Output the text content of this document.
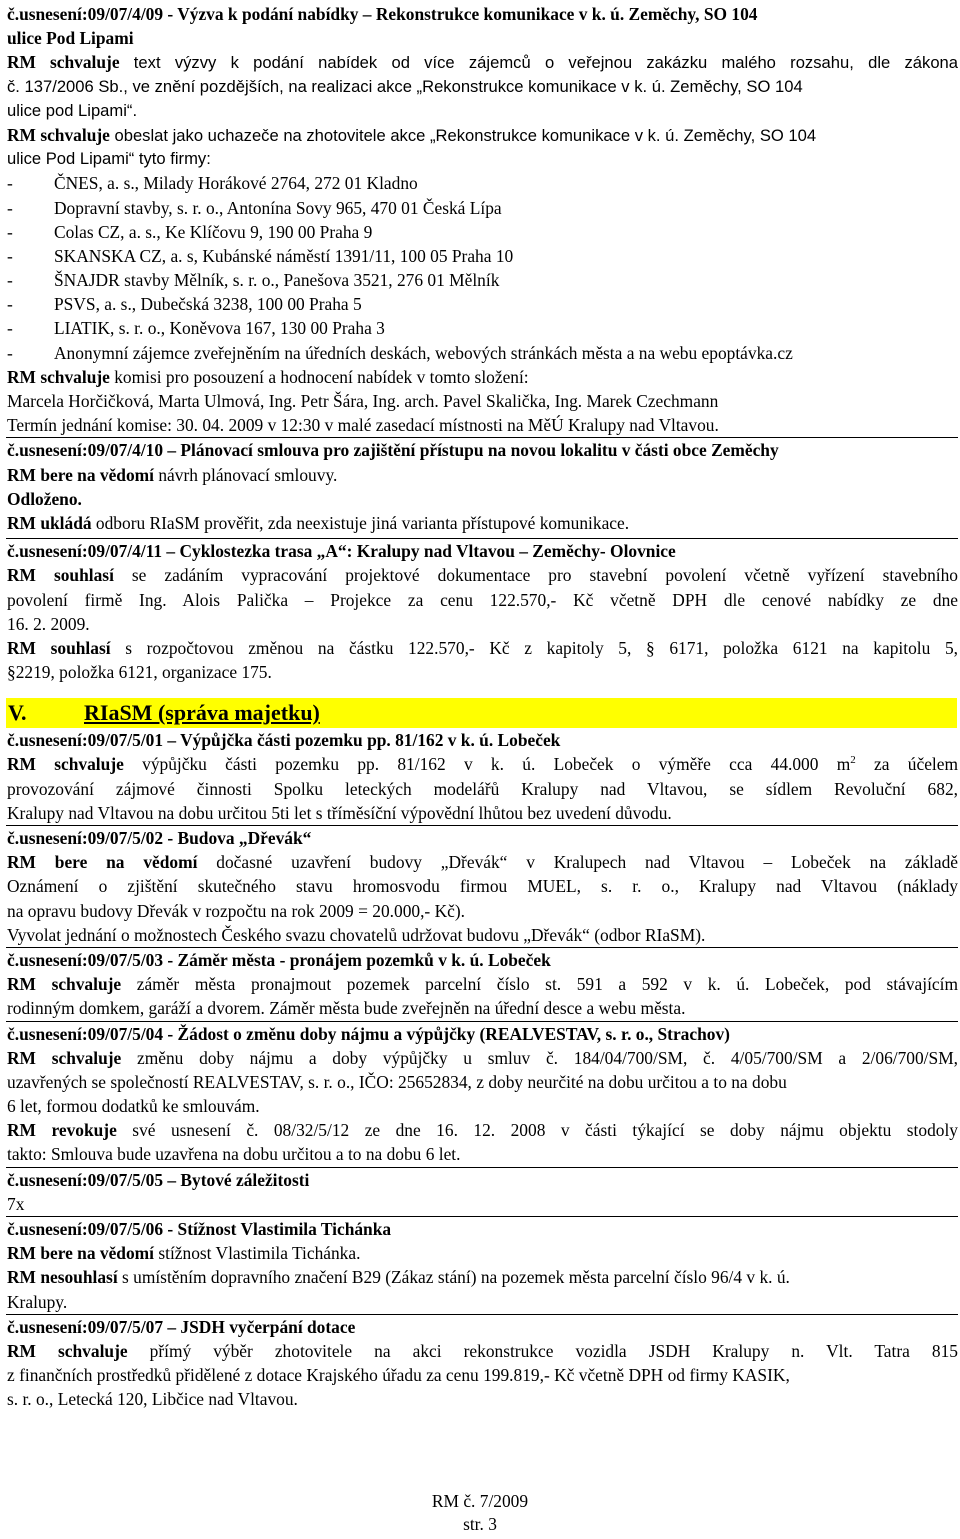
č.usnesení:09/07/4/09 - Výzva k podání nabídky – Rekonstrukce komunikace v k. ú. Zeměchy, SO 104
ulice Pod Lipami
RM schvaluje text výzvy k podání nabídek od více zájemců o veřejnou zakázku malého rozsahu, dle zákona
č. 137/2006 Sb., ve znění pozdějších, na realizaci akce „Rekonstrukce komunikace v k. ú. Zeměchy, SO 104
ulice pod Lipami“.
RM schvaluje obeslat jako uchazeče na zhotovitele akce „Rekonstrukce komunikace v k. ú. Zeměchy, SO 104
ulice Pod Lipami“ tyto firmy:
- ČNES, a. s., Milady Horákové 2764, 272 01 Kladno
- Dopravní stavby, s. r. o., Antonína Sovy 965, 470 01 Česká Lípa
- Colas CZ, a. s., Ke Klíčovu 9, 190 00 Praha 9
- SKANSKA CZ, a. s, Kubánské náměstí 1391/11, 100 05 Praha 10
- ŠNAJDR stavby Mělník, s. r. o., Panešova 3521, 276 01 Mělník
- PSVS, a. s., Dubečská 3238, 100 00 Praha 5
- LIATIK, s. r. o., Koněvova 167, 130 00 Praha 3
- Anonymní zájemce zveřejněním na úředních deskách, webových stránkách města a na webu epoptávka.cz
RM schvaluje komisi pro posouzení a hodnocení nabídek v tomto složení:
Marcela Horčičková, Marta Ulmová, Ing. Petr Šára, Ing. arch. Pavel Skalička, Ing. Marek Czechmann
Termín jednání komise: 30. 04. 2009 v 12:30 v malé zasedací místnosti na MěÚ Kralupy nad Vltavou.
č.usnesení:09/07/4/10 – Plánovací smlouva pro zajištění přístupu na novou lokalitu v části obce Zeměchy
RM bere na vědomí návrh plánovací smlouvy.
Odloženo.
RM ukládá odboru RIaSM prověřit, zda neexistuje jiná varianta přístupové komunikace.
č.usnesení:09/07/4/11 – Cyklostezka trasa „A“: Kralupy nad Vltavou – Zeměchy- Olovnice
RM souhlasí se zadáním vypracování projektové dokumentace pro stavební povolení včetně vyřízení stavebního
povolení firmě Ing. Alois Palička – Projekce za cenu 122.570,- Kč včetně DPH dle cenové nabídky ze dne
16. 2. 2009.
RM souhlasí s rozpočtovou změnou na částku 122.570,- Kč z kapitoly 5, § 6171, položka 6121 na kapitolu 5,
§2219, položka 6121, organizace 175.
V.	RIaSM (správa majetku)
č.usnesení:09/07/5/01 – Výpůjčka části pozemku pp. 81/162 v k. ú. Lobeček
RM schvaluje výpůjčku části pozemku pp. 81/162 v k. ú. Lobeček o výměře cca 44.000 $m^2$ za účelem
provozování zájmové činnosti Spolku leteckých modelářů Kralupy nad Vltavou, se sídlem Revoluční 682,
Kralupy nad Vltavou na dobu určitou 5ti let s tříměsíční výpovědní lhůtou bez uvedení důvodu.
č.usnesení:09/07/5/02 - Budova „Dřevák“
RM bere na vědomí dočasné uzavření budovy „Dřevák“ v Kralupech nad Vltavou – Lobeček na základě
Oznámení o zjištění skutečného stavu hromosvodu firmou MUEL, s. r. o., Kralupy nad Vltavou (náklady
na opravu budovy Dřevák v rozpočtu na rok 2009 = 20.000,- Kč).
Vyvolat jednání o možnostech Českého svazu chovatelů udržovat budovu „Dřevák“ (odbor RIaSM).
č.usnesení:09/07/5/03 - Záměr města - pronájem pozemků v k. ú. Lobeček
RM schvaluje záměr města pronajmout pozemek parcelní číslo st. 591 a 592 v k. ú. Lobeček, pod stávajícím
rodinným domkem, garáží a dvorem. Záměr města bude zveřejněn na úřední desce a webu města.
č.usnesení:09/07/5/04 - Žádost o změnu doby nájmu a výpůjčky (REALVESTAV, s. r. o., Strachov)
RM schvaluje změnu doby nájmu a doby výpůjčky u smluv č. 184/04/700/SM, č. 4/05/700/SM a 2/06/700/SM,
uzavřených se společností REALVESTAV, s. r. o., IČO: 25652834, z doby neurčité na dobu určitou a to na dobu
6 let, formou dodatků ke smlouvám.
RM revokuje své usnesení č. 08/32/5/12 ze dne 16. 12. 2008 v části týkající se doby nájmu objektu stodoly
takto: Smlouva bude uzavřena na dobu určitou a to na dobu 6 let.
č.usnesení:09/07/5/05 – Bytové záležitosti
7x
č.usnesení:09/07/5/06 - Stížnost Vlastimila Tichánka
RM bere na vědomí stížnost Vlastimila Tichánka.
RM nesouhlasí s umístěním dopravního značení B29 (Zákaz stání) na pozemek města parcelní číslo 96/4 v k. ú.
Kralupy.
č.usnesení:09/07/5/07 – JSDH vyčerpání dotace
RM schvaluje přímý výběr zhotovitele na akci rekonstrukce vozidla JSDH Kralupy n. Vlt. Tatra 815
z finančních prostředků přidělené z dotace Krajského úřadu za cenu 199.819,- Kč včetně DPH od firmy KASIK,
s. r. o., Letecká 120, Libčice nad Vltavou.
RM č. 7/2009
str. 3
